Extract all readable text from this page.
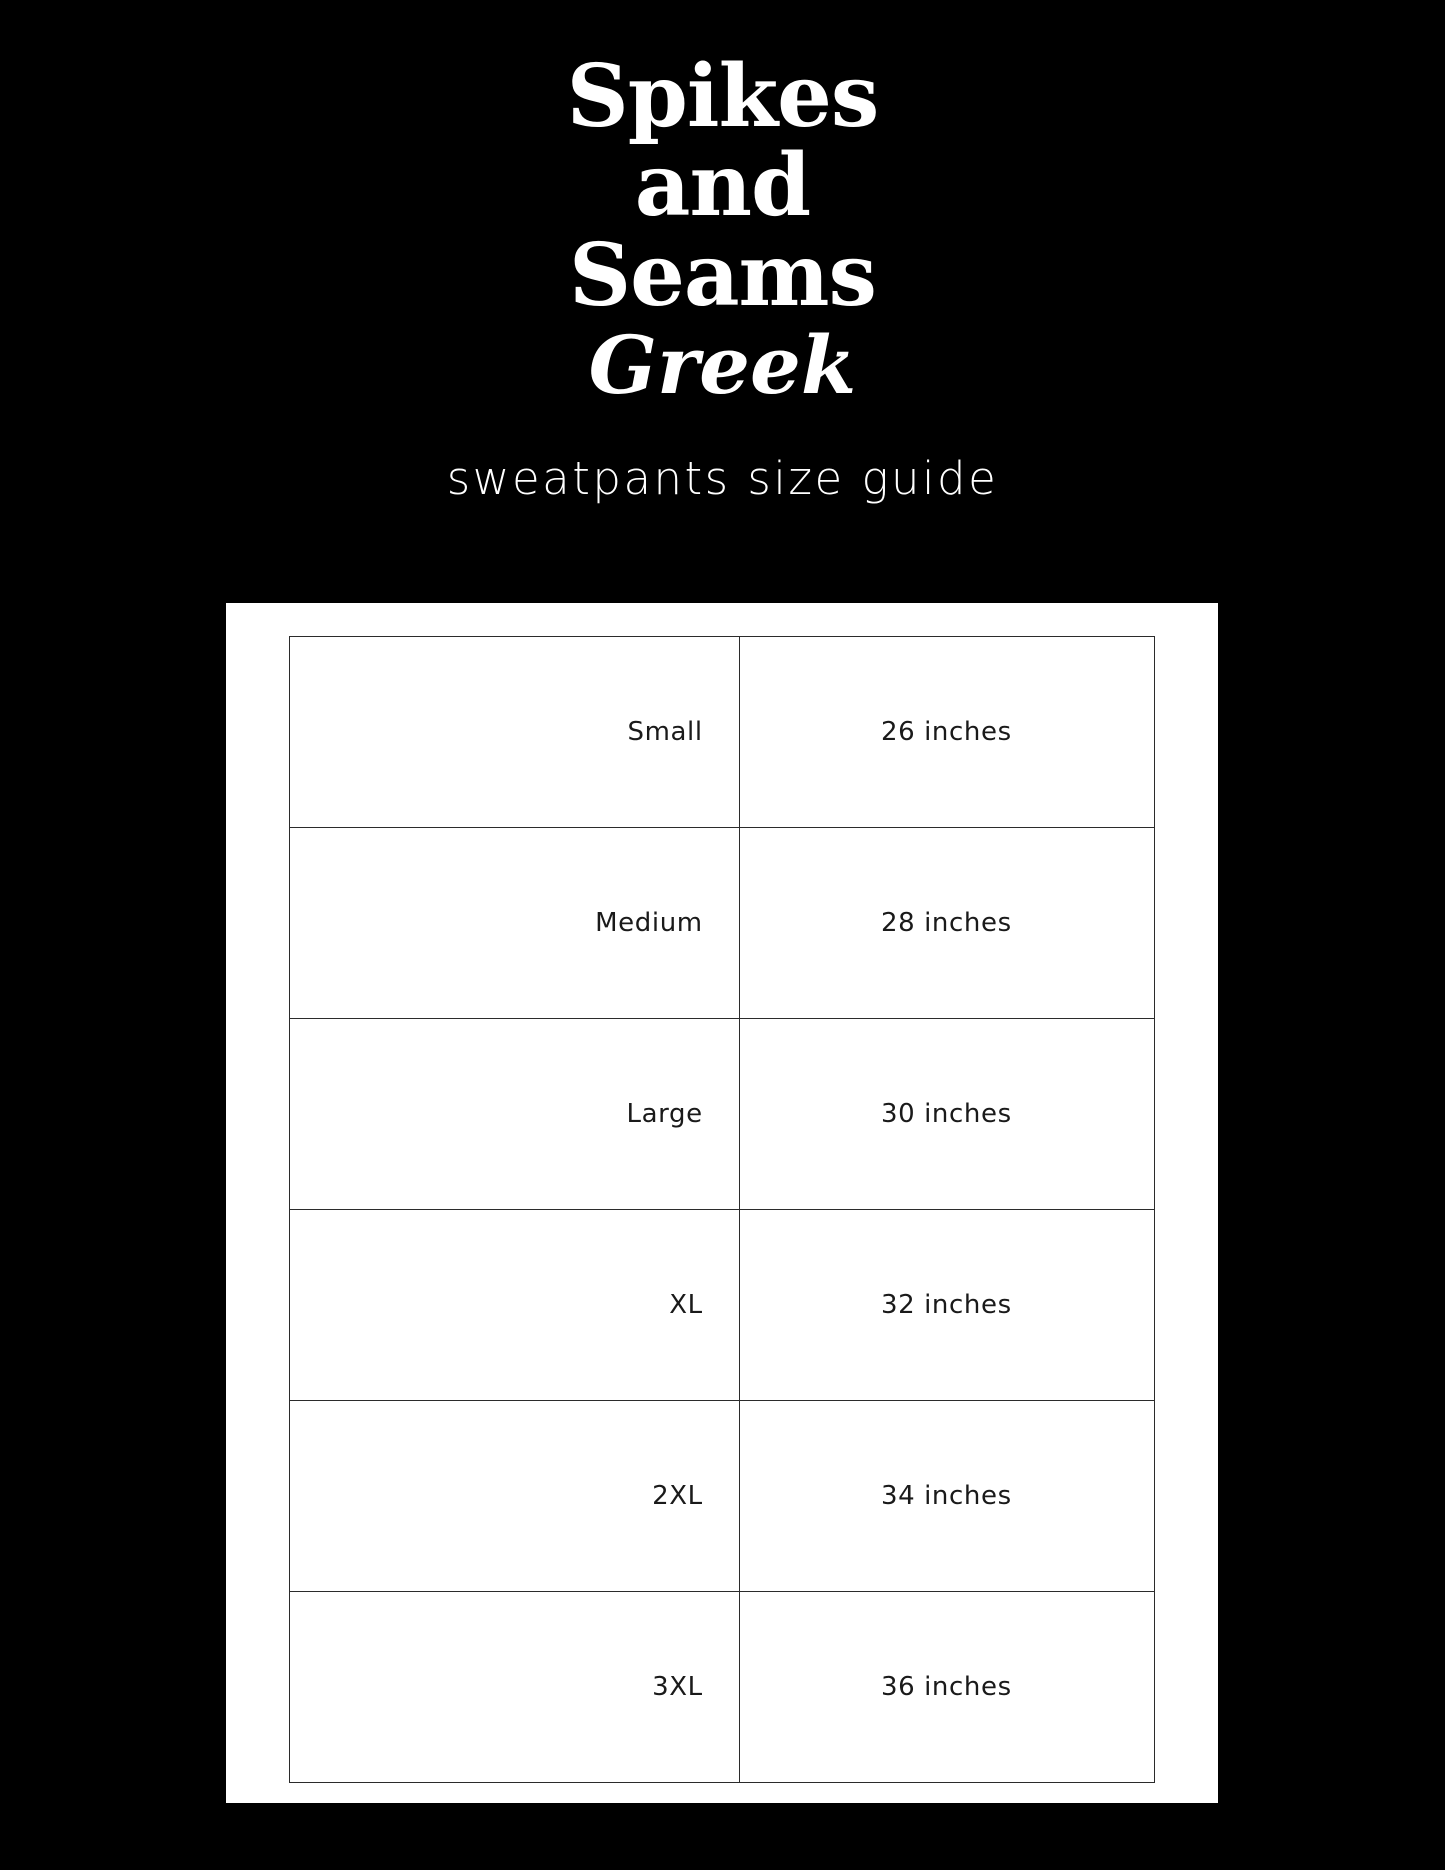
Spikes
and
Seams
Greek
sweatpants size guide
Small	26 inches
Medium	28 inches
Large	30 inches
XL	32 inches
2XL	34 inches
3XL	36 inches
